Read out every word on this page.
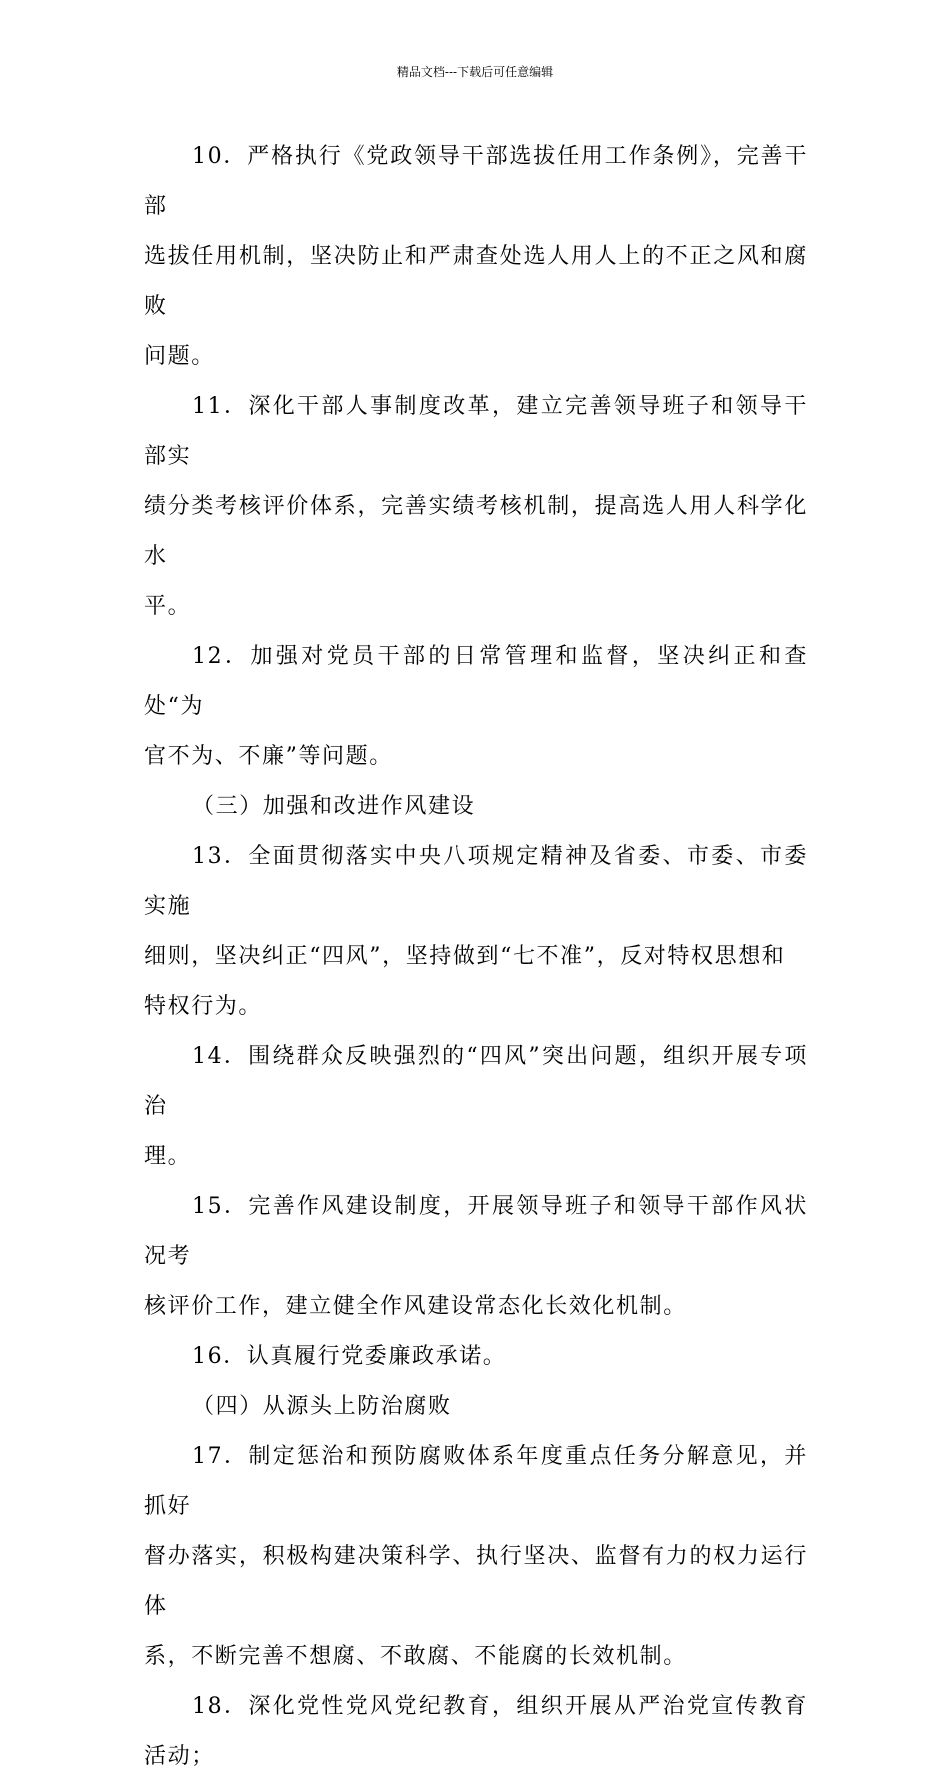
精品文档---下载后可任意编辑

10．严格执行《党政领导干部选拔任用工作条例》，完善干部
选拔任用机制，坚决防止和严肃查处选人用人上的不正之风和腐败
问题。

11．深化干部人事制度改革，建立完善领导班子和领导干部实
绩分类考核评价体系，完善实绩考核机制，提高选人用人科学化水
平。

12．加强对党员干部的日常管理和监督，坚决纠正和查处“为
官不为、不廉”等问题。

（三）加强和改进作风建设

13．全面贯彻落实中央八项规定精神及省委、市委、市委实施
细则，坚决纠正“四风”，坚持做到“七不准”，反对特权思想和
特权行为。

14．围绕群众反映强烈的“四风”突出问题，组织开展专项治
理。

15．完善作风建设制度，开展领导班子和领导干部作风状况考
核评价工作，建立健全作风建设常态化长效化机制。

16．认真履行党委廉政承诺。

（四）从源头上防治腐败

17．制定惩治和预防腐败体系年度重点任务分解意见，并抓好
督办落实，积极构建决策科学、执行坚决、监督有力的权力运行体
系，不断完善不想腐、不敢腐、不能腐的长效机制。

18．深化党性党风党纪教育，组织开展从严治党宣传教育活动；
